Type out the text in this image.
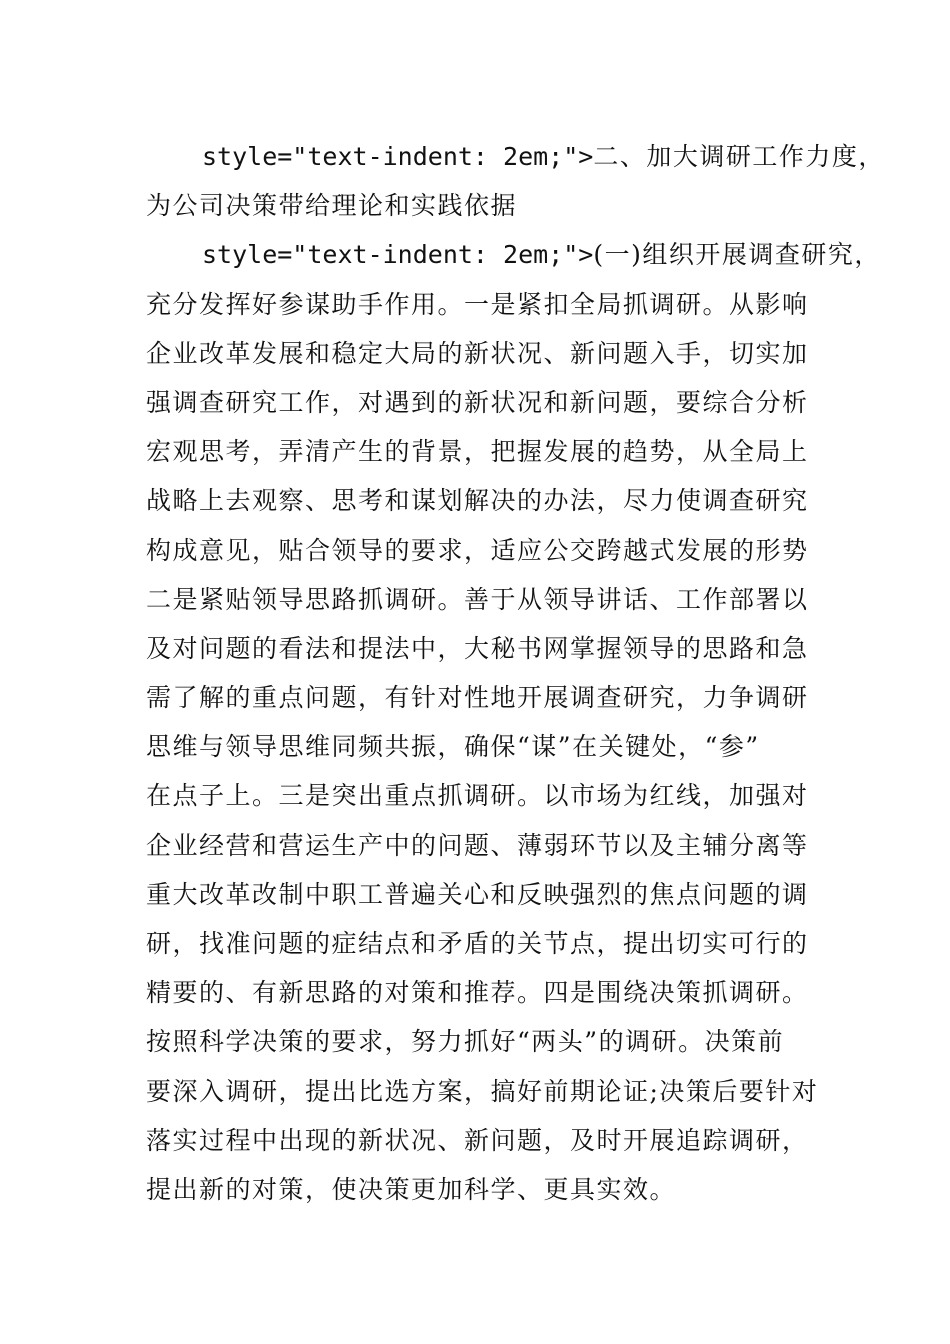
style="text-indent: 2em;">二、加大调研工作力度，
为公司决策带给理论和实践依据

style="text-indent: 2em;">(一)组织开展调查研究，
充分发挥好参谋助手作用。一是紧扣全局抓调研。从影响
企业改革发展和稳定大局的新状况、新问题入手，切实加
强调查研究工作，对遇到的新状况和新问题，要综合分析
宏观思考，弄清产生的背景，把握发展的趋势，从全局上
战略上去观察、思考和谋划解决的办法，尽力使调查研究
构成意见，贴合领导的要求，适应公交跨越式发展的形势
二是紧贴领导思路抓调研。善于从领导讲话、工作部署以
及对问题的看法和提法中，大秘书网掌握领导的思路和急
需了解的重点问题，有针对性地开展调查研究，力争调研
思维与领导思维同频共振，确保“谋”在关键处，“参”
在点子上。三是突出重点抓调研。以市场为红线，加强对
企业经营和营运生产中的问题、薄弱环节以及主辅分离等
重大改革改制中职工普遍关心和反映强烈的焦点问题的调
研，找准问题的症结点和矛盾的关节点，提出切实可行的
精要的、有新思路的对策和推荐。四是围绕决策抓调研。
按照科学决策的要求，努力抓好“两头”的调研。决策前
要深入调研，提出比选方案，搞好前期论证;决策后要针对
落实过程中出现的新状况、新问题，及时开展追踪调研，
提出新的对策，使决策更加科学、更具实效。
